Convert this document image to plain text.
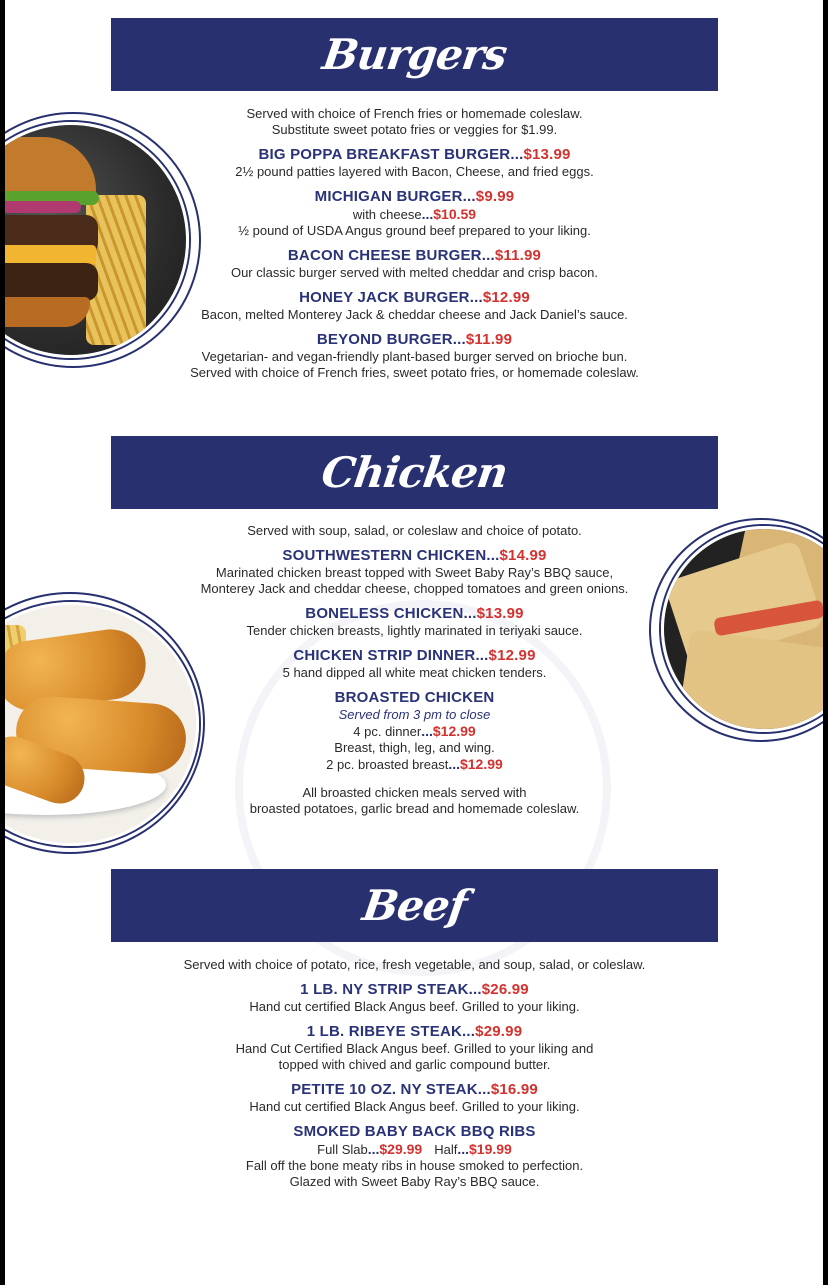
Burgers
Served with choice of French fries or homemade coleslaw.
Substitute sweet potato fries or veggies for $1.99.
BIG POPPA BREAKFAST BURGER...$13.99
2½ pound patties layered with Bacon, Cheese, and fried eggs.
MICHIGAN BURGER...$9.99
with cheese...$10.59
½ pound of USDA Angus ground beef prepared to your liking.
BACON CHEESE BURGER...$11.99
Our classic burger served with melted cheddar and crisp bacon.
HONEY JACK BURGER...$12.99
Bacon, melted Monterey Jack & cheddar cheese and Jack Daniel’s sauce.
BEYOND BURGER...$11.99
Vegetarian- and vegan-friendly plant-based burger served on brioche bun.
Served with choice of French fries, sweet potato fries, or homemade coleslaw.
Chicken
Served with soup, salad, or coleslaw and choice of potato.
SOUTHWESTERN CHICKEN...$14.99
Marinated chicken breast topped with Sweet Baby Ray’s BBQ sauce,
Monterey Jack and cheddar cheese, chopped tomatoes and green onions.
BONELESS CHICKEN...$13.99
Tender chicken breasts, lightly marinated in teriyaki sauce.
CHICKEN STRIP DINNER...$12.99
5 hand dipped all white meat chicken tenders.
BROASTED CHICKEN
Served from 3 pm to close
4 pc. dinner...$12.99
Breast, thigh, leg, and wing.
2 pc. broasted breast...$12.99
All broasted chicken meals served with
broasted potatoes, garlic bread and homemade coleslaw.
Beef
Served with choice of potato, rice, fresh vegetable, and soup, salad, or coleslaw.
1 LB. NY STRIP STEAK...$26.99
Hand cut certified Black Angus beef. Grilled to your liking.
1 LB. RIBEYE STEAK...$29.99
Hand Cut Certified Black Angus beef. Grilled to your liking and
topped with chived and garlic compound butter.
PETITE 10 OZ. NY STEAK...$16.99
Hand cut certified Black Angus beef. Grilled to your liking.
SMOKED BABY BACK BBQ RIBS
Full Slab...$29.99 Half...$19.99
Fall off the bone meaty ribs in house smoked to perfection.
Glazed with Sweet Baby Ray’s BBQ sauce.
